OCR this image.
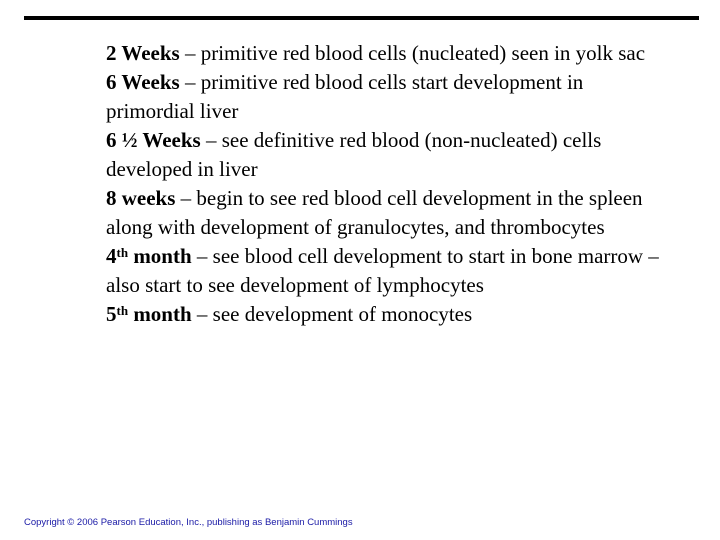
2 Weeks – primitive red blood cells (nucleated) seen in yolk sac

6 Weeks – primitive red blood cells start development in primordial liver

6 ½ Weeks – see definitive red blood (non-nucleated) cells developed in liver

8 weeks – begin to see red blood cell development in the spleen along with development of granulocytes, and thrombocytes

4th month – see blood cell development to start in bone marrow – also start to see development of lymphocytes

5th month – see development of monocytes

Copyright © 2006 Pearson Education, Inc., publishing as Benjamin Cummings
